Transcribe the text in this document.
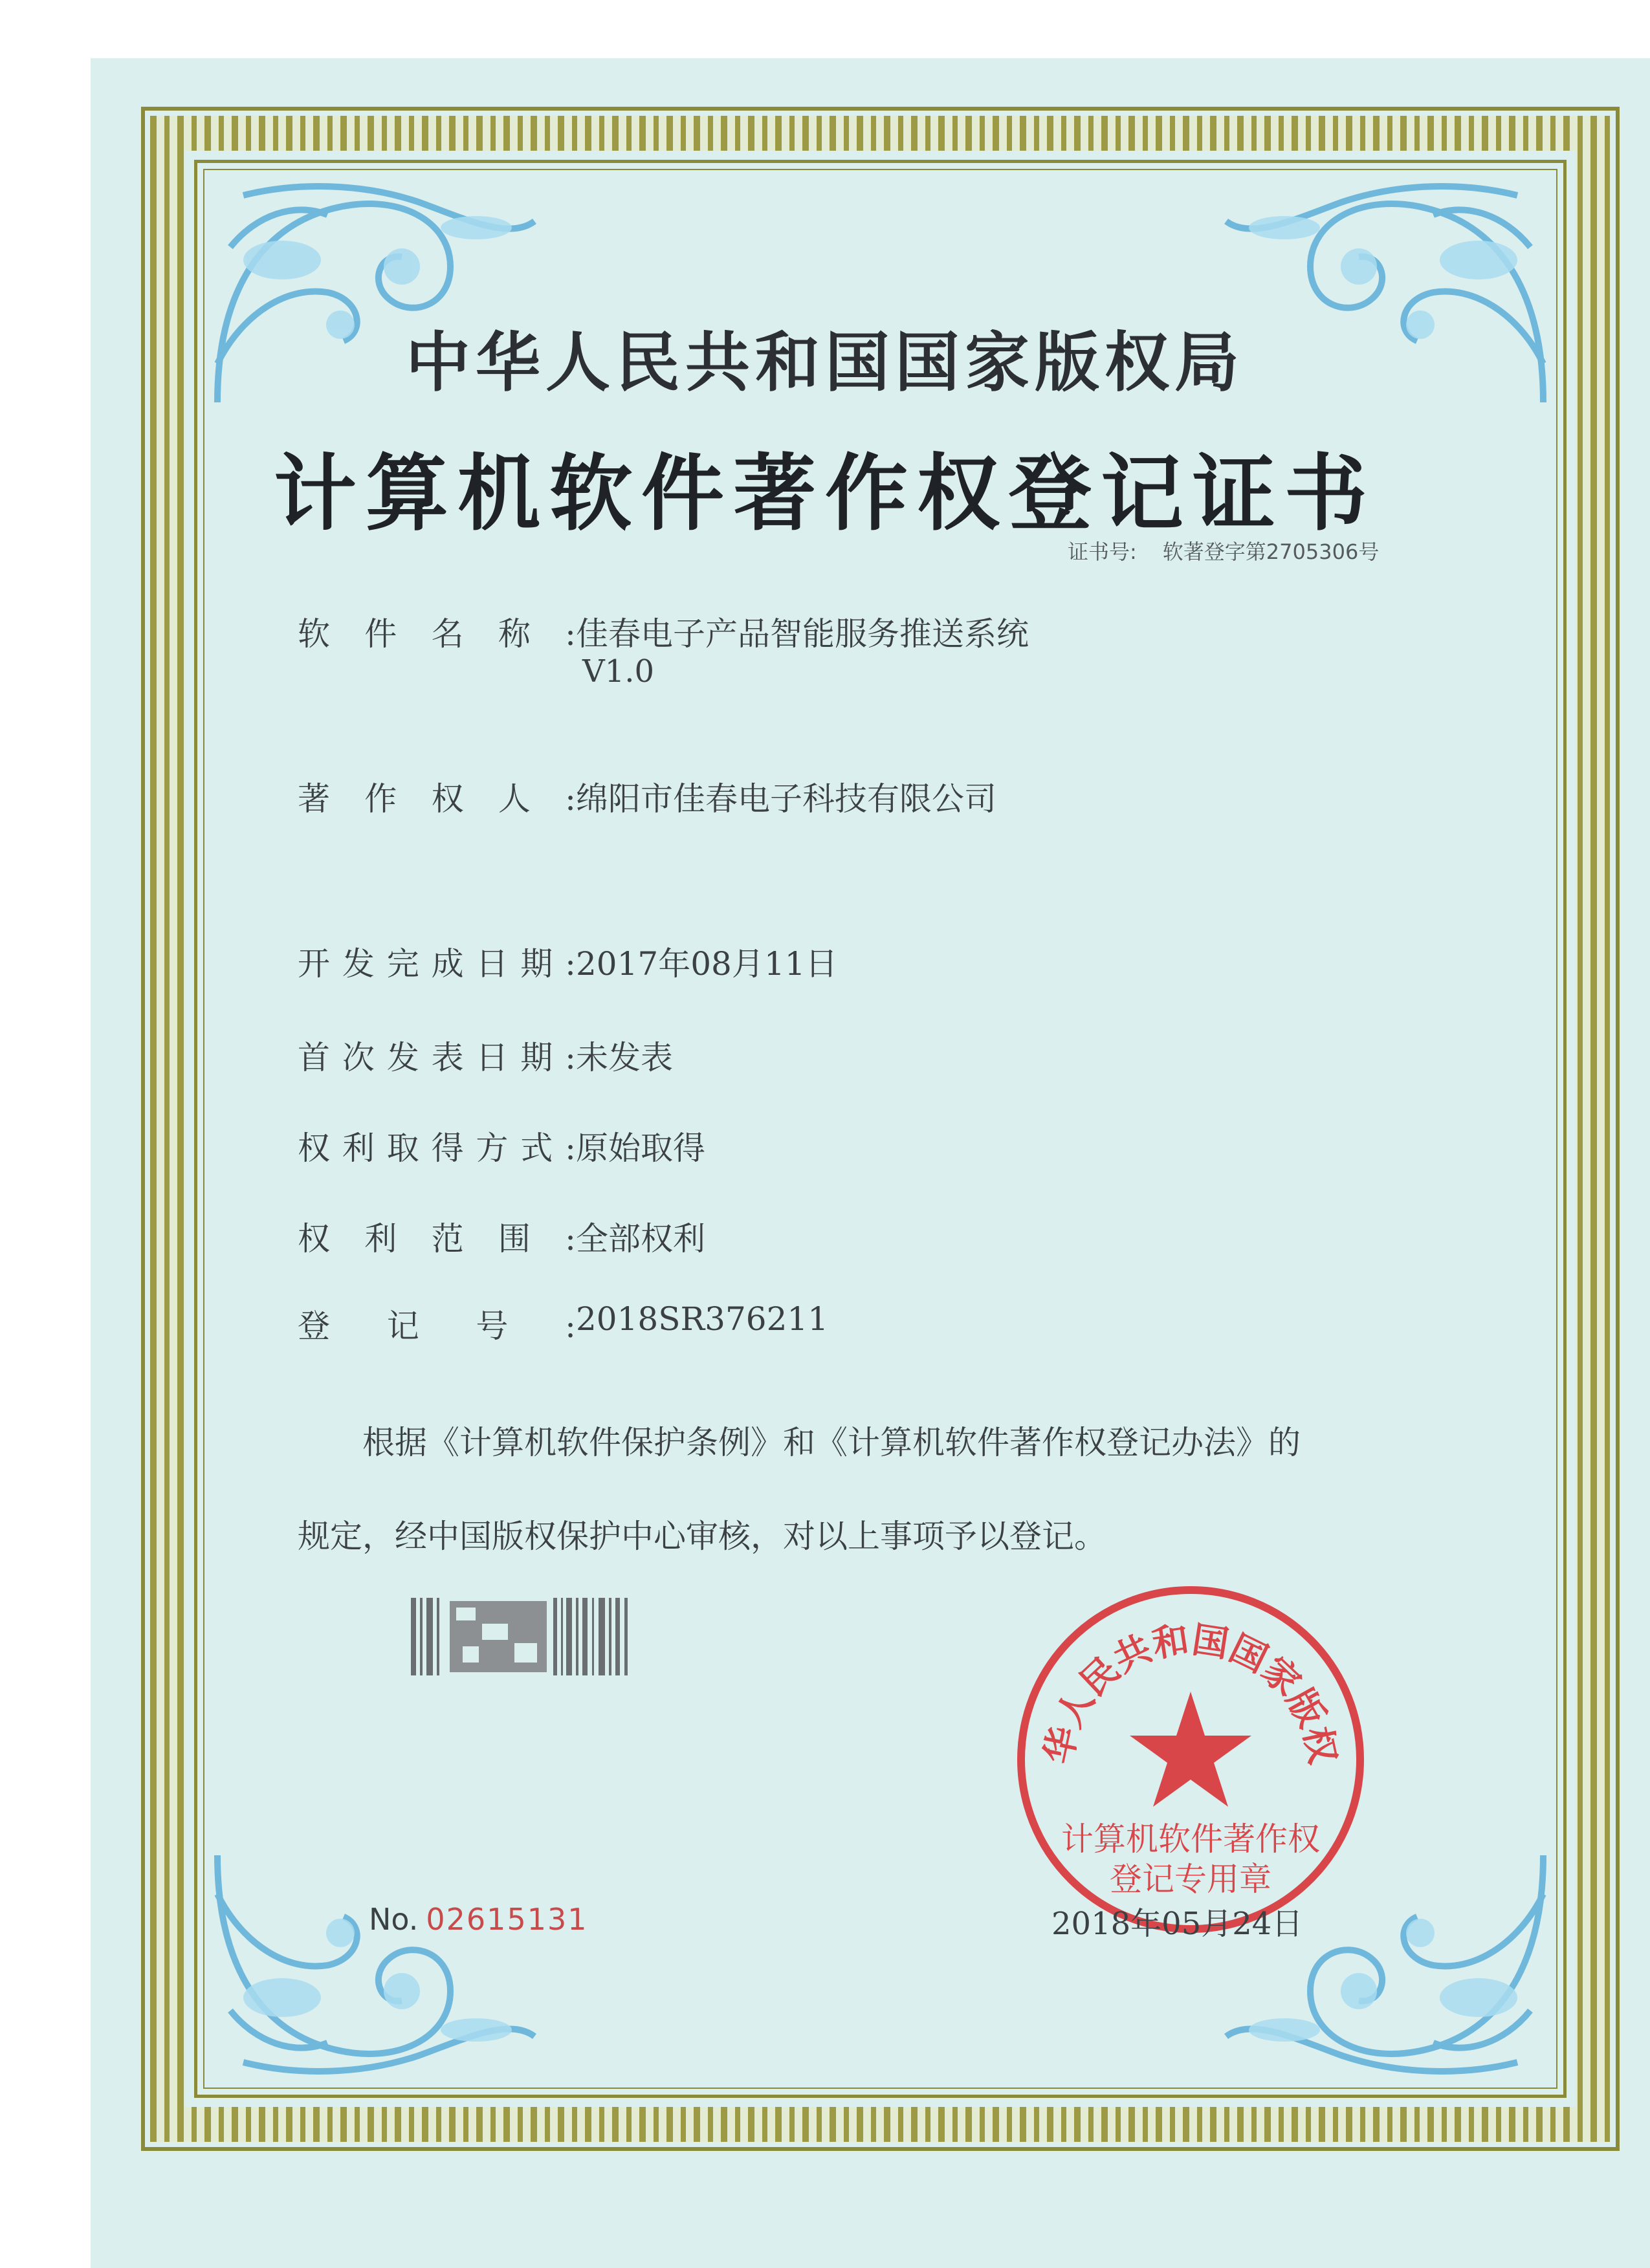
中华人民共和国国家版权局
计算机软件著作权登记证书
证书号: 软著登字第2705306号
软件名称: 佳春电子产品智能服务推送系统
V1.0
著作权人: 绵阳市佳春电子科技有限公司
开发完成日期: 2017年08月11日
首次发表日期: 未发表
权利取得方式: 原始取得
权利范围: 全部权利
登记号: 2018SR376211
根据《计算机软件保护条例》和《计算机软件著作权登记办法》的
规定，经中国版权保护中心审核，对以上事项予以登记。
华人民共和国国家版权
计算机软件著作权
登记专用章
No. 02615131	2018年05月24日
